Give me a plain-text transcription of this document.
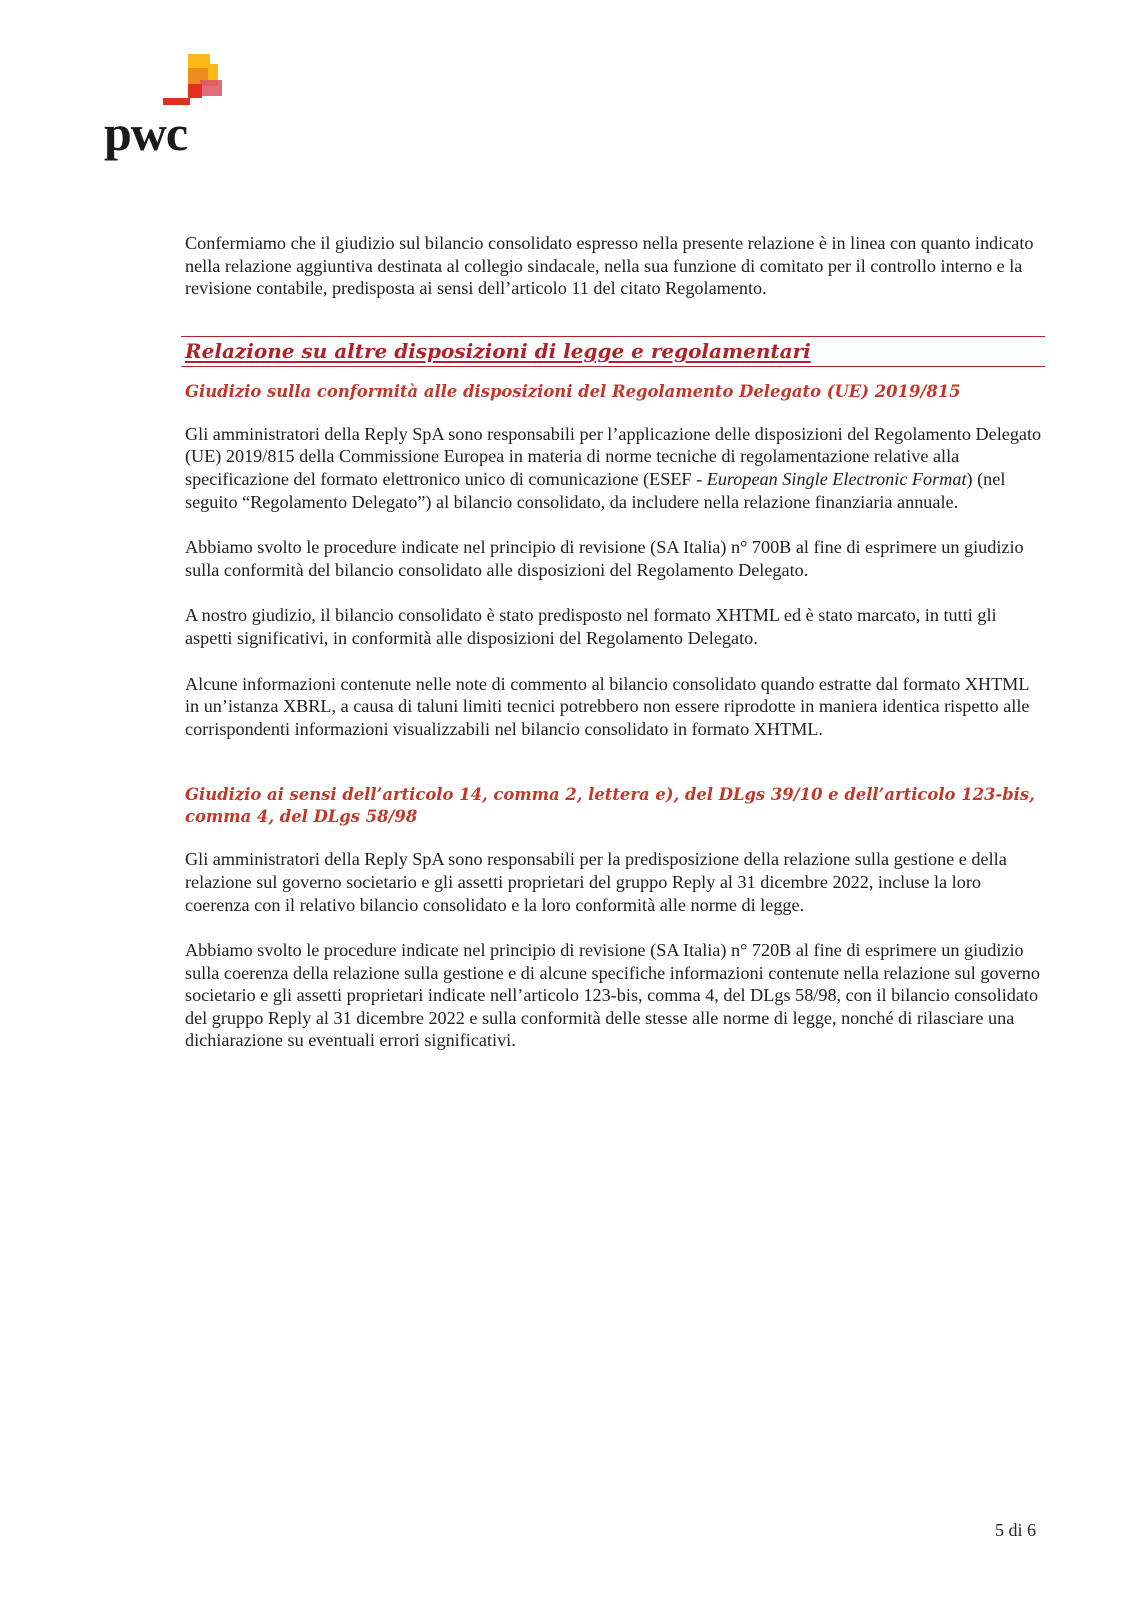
pwc

Confermiamo che il giudizio sul bilancio consolidato espresso nella presente relazione è in linea con quanto indicato nella relazione aggiuntiva destinata al collegio sindacale, nella sua funzione di comitato per il controllo interno e la revisione contabile, predisposta ai sensi dell’articolo 11 del citato Regolamento.

Relazione su altre disposizioni di legge e regolamentari
Giudizio sulla conformità alle disposizioni del Regolamento Delegato (UE) 2019/815

Gli amministratori della Reply SpA sono responsabili per l’applicazione delle disposizioni del Regolamento Delegato (UE) 2019/815 della Commissione Europea in materia di norme tecniche di regolamentazione relative alla specificazione del formato elettronico unico di comunicazione (ESEF - European Single Electronic Format) (nel seguito “Regolamento Delegato”) al bilancio consolidato, da includere nella relazione finanziaria annuale.

Abbiamo svolto le procedure indicate nel principio di revisione (SA Italia) n° 700B al fine di esprimere un giudizio sulla conformità del bilancio consolidato alle disposizioni del Regolamento Delegato.

A nostro giudizio, il bilancio consolidato è stato predisposto nel formato XHTML ed è stato marcato, in tutti gli aspetti significativi, in conformità alle disposizioni del Regolamento Delegato.

Alcune informazioni contenute nelle note di commento al bilancio consolidato quando estratte dal formato XHTML in un’istanza XBRL, a causa di taluni limiti tecnici potrebbero non essere riprodotte in maniera identica rispetto alle corrispondenti informazioni visualizzabili nel bilancio consolidato in formato XHTML.

Giudizio ai sensi dell’articolo 14, comma 2, lettera e), del DLgs 39/10 e dell’articolo 123-bis, comma 4, del DLgs 58/98

Gli amministratori della Reply SpA sono responsabili per la predisposizione della relazione sulla gestione e della relazione sul governo societario e gli assetti proprietari del gruppo Reply al 31 dicembre 2022, incluse la loro coerenza con il relativo bilancio consolidato e la loro conformità alle norme di legge.

Abbiamo svolto le procedure indicate nel principio di revisione (SA Italia) n° 720B al fine di esprimere un giudizio sulla coerenza della relazione sulla gestione e di alcune specifiche informazioni contenute nella relazione sul governo societario e gli assetti proprietari indicate nell’articolo 123-bis, comma 4, del DLgs 58/98, con il bilancio consolidato del gruppo Reply al 31 dicembre 2022 e sulla conformità delle stesse alle norme di legge, nonché di rilasciare una dichiarazione su eventuali errori significativi.

5 di 6
